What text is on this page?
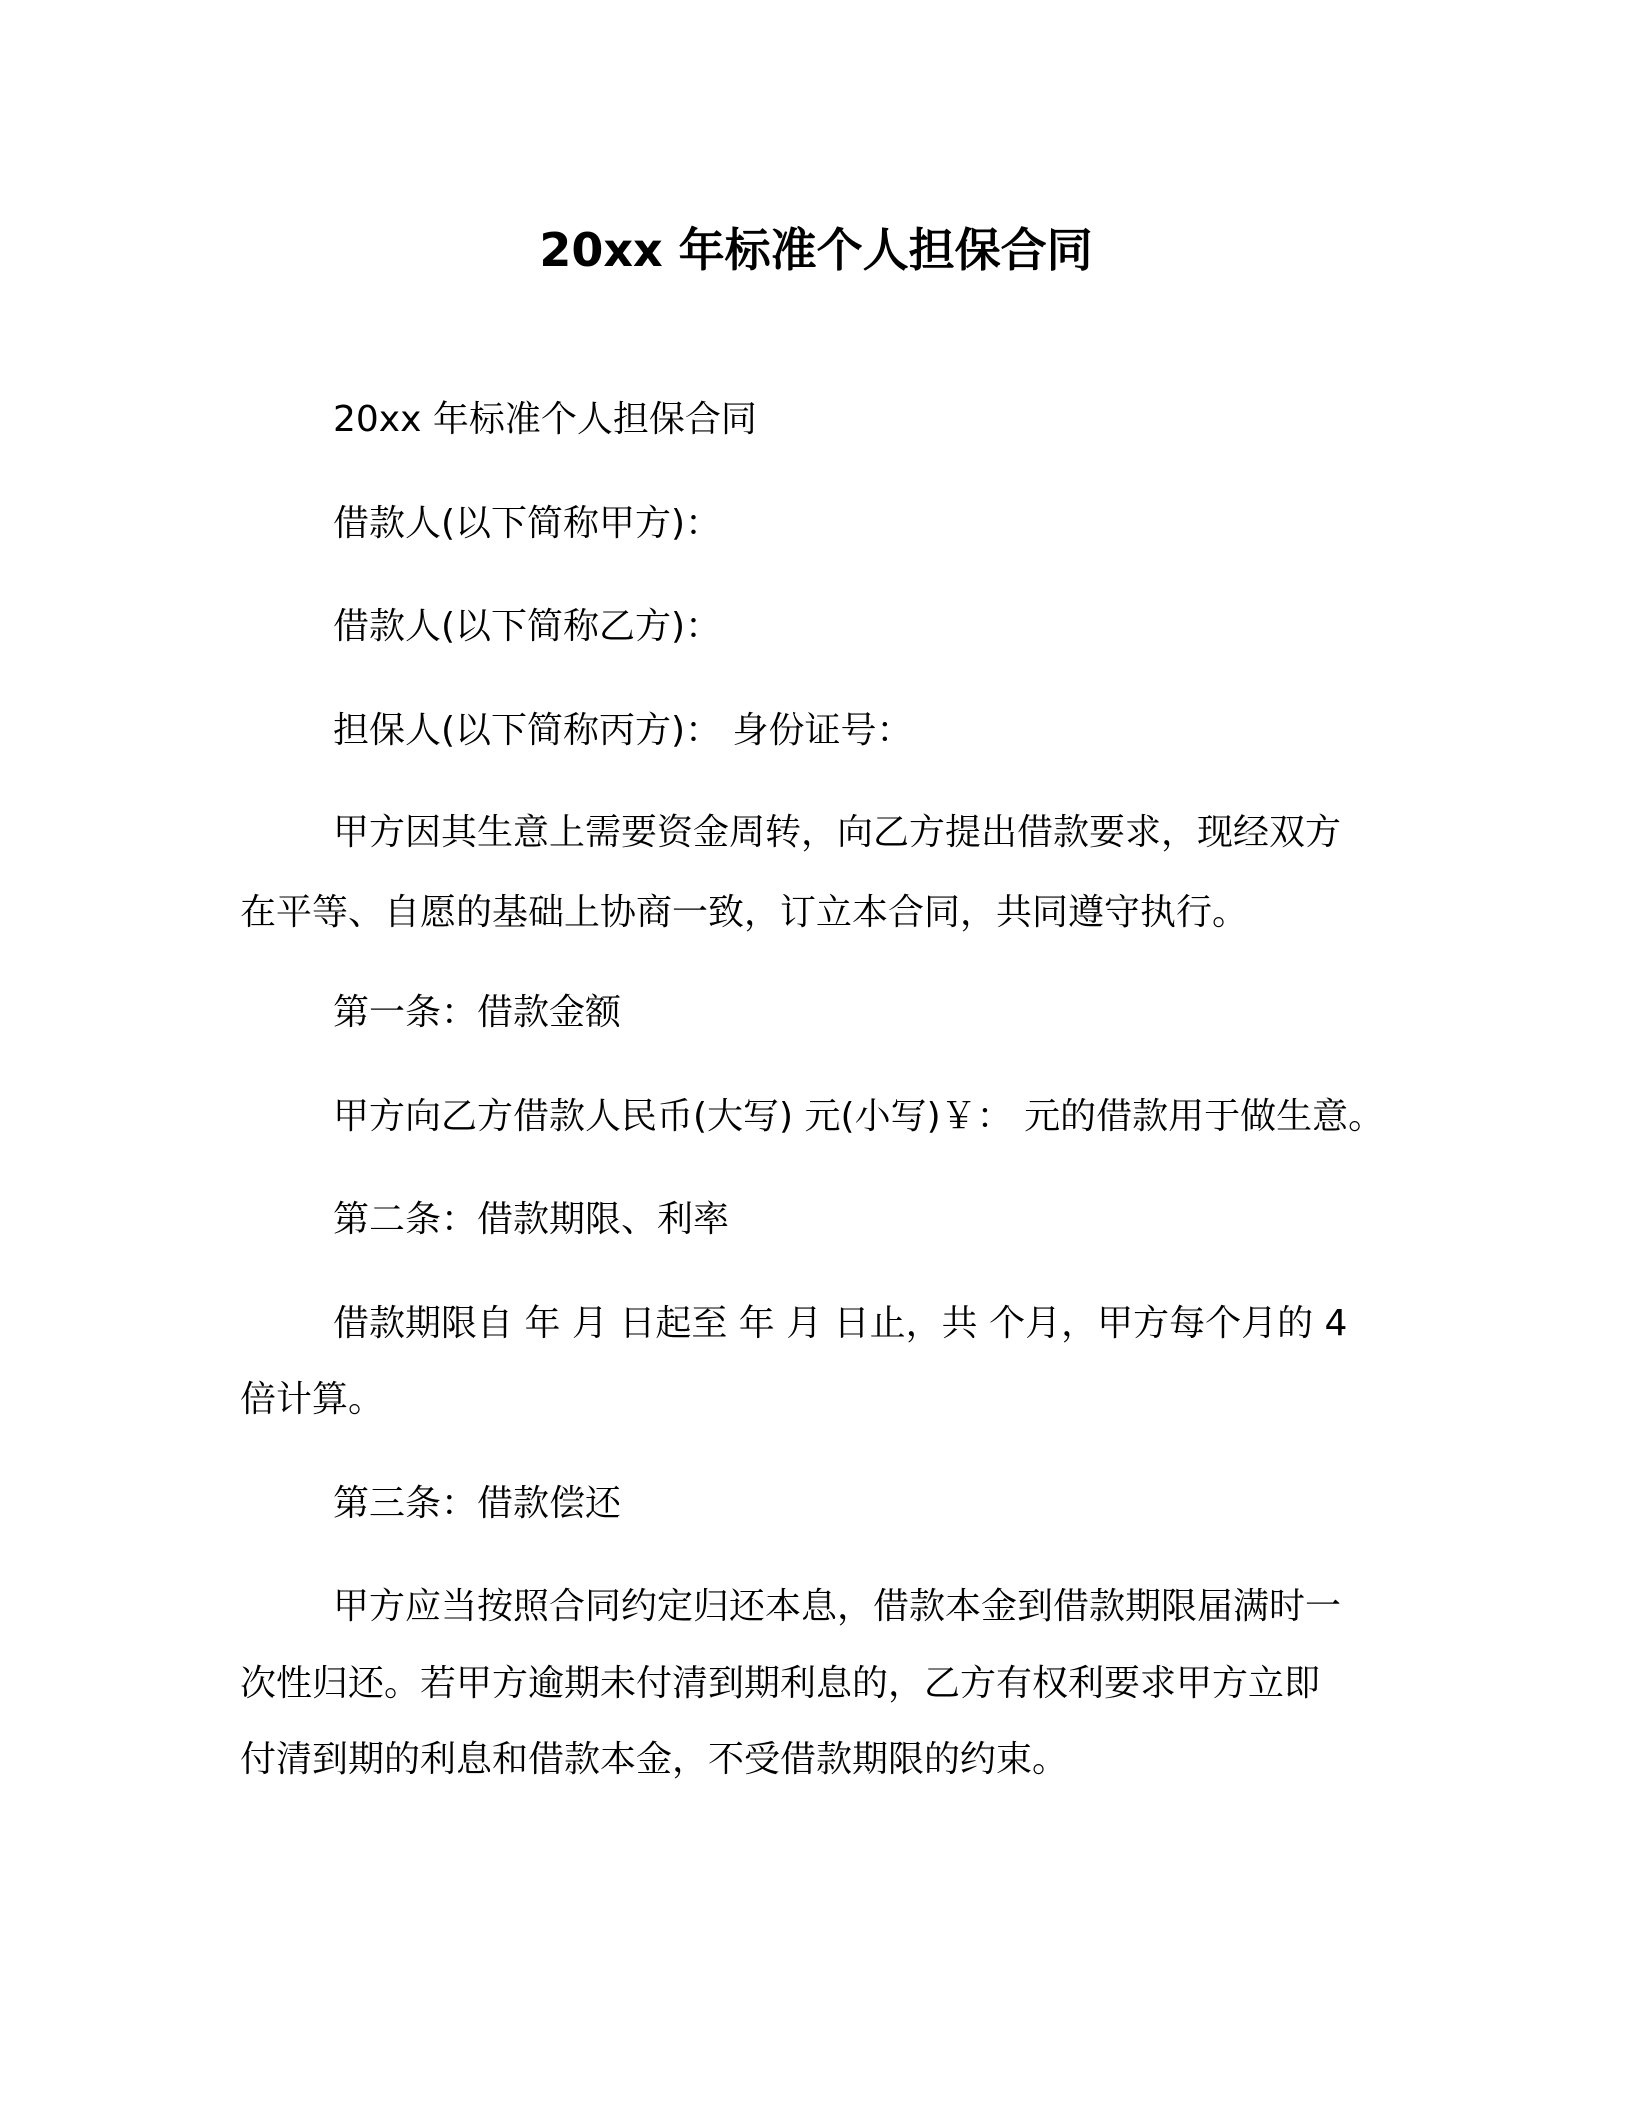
20xx 年标准个人担保合同
20xx 年标准个人担保合同
借款人(以下简称甲方)：
借款人(以下简称乙方)：
担保人(以下简称丙方)： 身份证号：
甲方因其生意上需要资金周转，向乙方提出借款要求，现经双方
在平等、自愿的基础上协商一致，订立本合同，共同遵守执行。
第一条：借款金额
甲方向乙方借款人民币(大写) 元(小写)￥： 元的借款用于做生意。
第二条：借款期限、利率
借款期限自 年 月 日起至 年 月 日止，共 个月，甲方每个月的 4
倍计算。
第三条：借款偿还
甲方应当按照合同约定归还本息，借款本金到借款期限届满时一
次性归还。若甲方逾期未付清到期利息的，乙方有权利要求甲方立即
付清到期的利息和借款本金，不受借款期限的约束。
